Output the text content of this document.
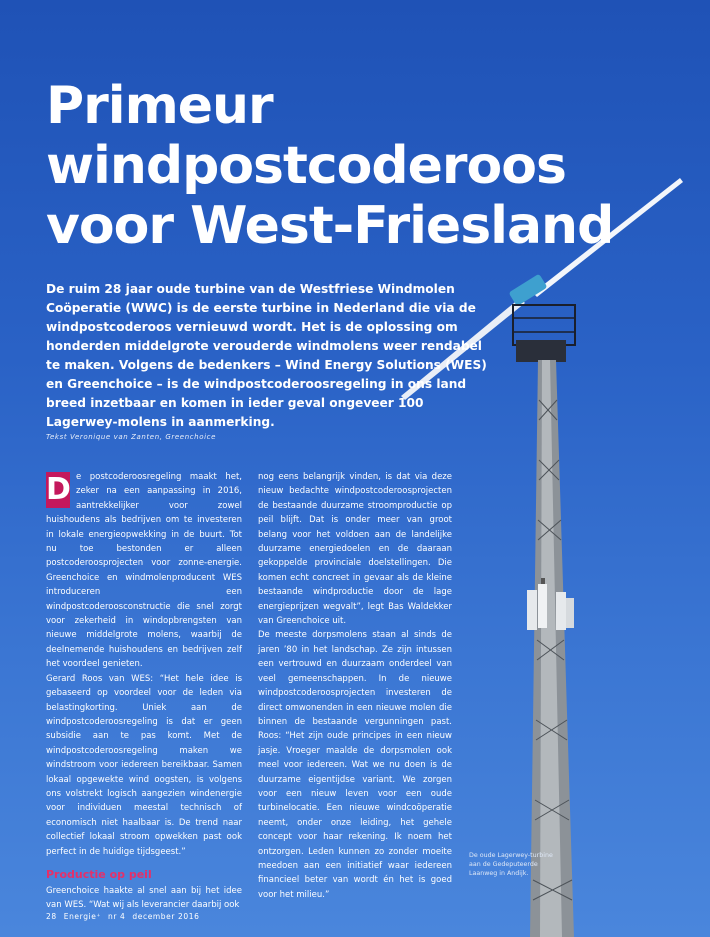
Primeur
windpostcoderoos
voor West-Friesland

De ruim 28 jaar oude turbine van de Westfriese Windmolen Coöperatie (WWC) is de eerste turbine in Nederland die via de windpostcoderoos vernieuwd wordt. Het is de oplossing om honderden middelgrote verouderde windmolens weer rendabel te maken. Volgens de bedenkers – Wind Energy Solutions (WES) en Greenchoice – is de windpostcoderoosregeling in ons land breed inzetbaar en komen in ieder geval ongeveer 100 Lagerwey-molens in aanmerking.

Tekst Veronique van Zanten, Greenchoice

D e postcoderoosregeling maakt het, zeker na een aanpassing in 2016, aantrekkelijker voor zowel huishoudens als bedrijven om te investeren in lokale energieopwekking in de buurt. Tot nu toe bestonden er alleen postcoderoosprojecten voor zonne-energie. Greenchoice en windmolenproducent WES introduceren een windpostcoderoosconstructie die snel zorgt voor zekerheid in windopbrengsten van nieuwe middelgrote molens, waarbij de deelnemende huishoudens en bedrijven zelf het voordeel genieten.

Gerard Roos van WES: “Het hele idee is gebaseerd op voordeel voor de leden via belastingkorting. Uniek aan de windpostcoderoosregeling is dat er geen subsidie aan te pas komt. Met de windpostcoderoosregeling maken we windstroom voor iedereen bereikbaar. Samen lokaal opgewekte wind oogsten, is volgens ons volstrekt logisch aangezien windenergie voor individuen meestal technisch of economisch niet haalbaar is. De trend naar collectief lokaal stroom opwekken past ook perfect in de huidige tijdsgeest.”

Productie op peil

Greenchoice haakte al snel aan bij het idee van WES. “Wat wij als leverancier daarbij ook

nog eens belangrijk vinden, is dat via deze nieuw bedachte windpostcoderoosprojecten de bestaande duurzame stroomproductie op peil blijft. Dat is onder meer van groot belang voor het voldoen aan de landelijke duurzame energiedoelen en de daaraan gekoppelde provinciale doelstellingen. Die komen echt concreet in gevaar als de kleine bestaande windproductie door de lage energieprijzen wegvalt”, legt Bas Waldekker van Greenchoice uit.

De meeste dorpsmolens staan al sinds de jaren ’80 in het landschap. Ze zijn intussen een vertrouwd en duurzaam onderdeel van veel gemeenschappen. In de nieuwe windpostcoderoosprojecten investeren de direct omwonenden in een nieuwe molen die binnen de bestaande vergunningen past. Roos: “Het zijn oude principes in een nieuw jasje. Vroeger maalde de dorpsmolen ook meel voor iedereen. Wat we nu doen is de duurzame eigentijdse variant. We zorgen voor een nieuw leven voor een oude turbinelocatie. Een nieuwe windcoöperatie neemt, onder onze leiding, het gehele concept voor haar rekening. Ik noem het ontzorgen. Leden kunnen zo zonder moeite meedoen aan een initiatief waar iedereen financieel beter van wordt én het is goed voor het milieu.”

De oude Lagerwey-turbine aan de Gedeputeerde Laanweg in Andijk.
28 Energie⁺ nr 4 december 2016
